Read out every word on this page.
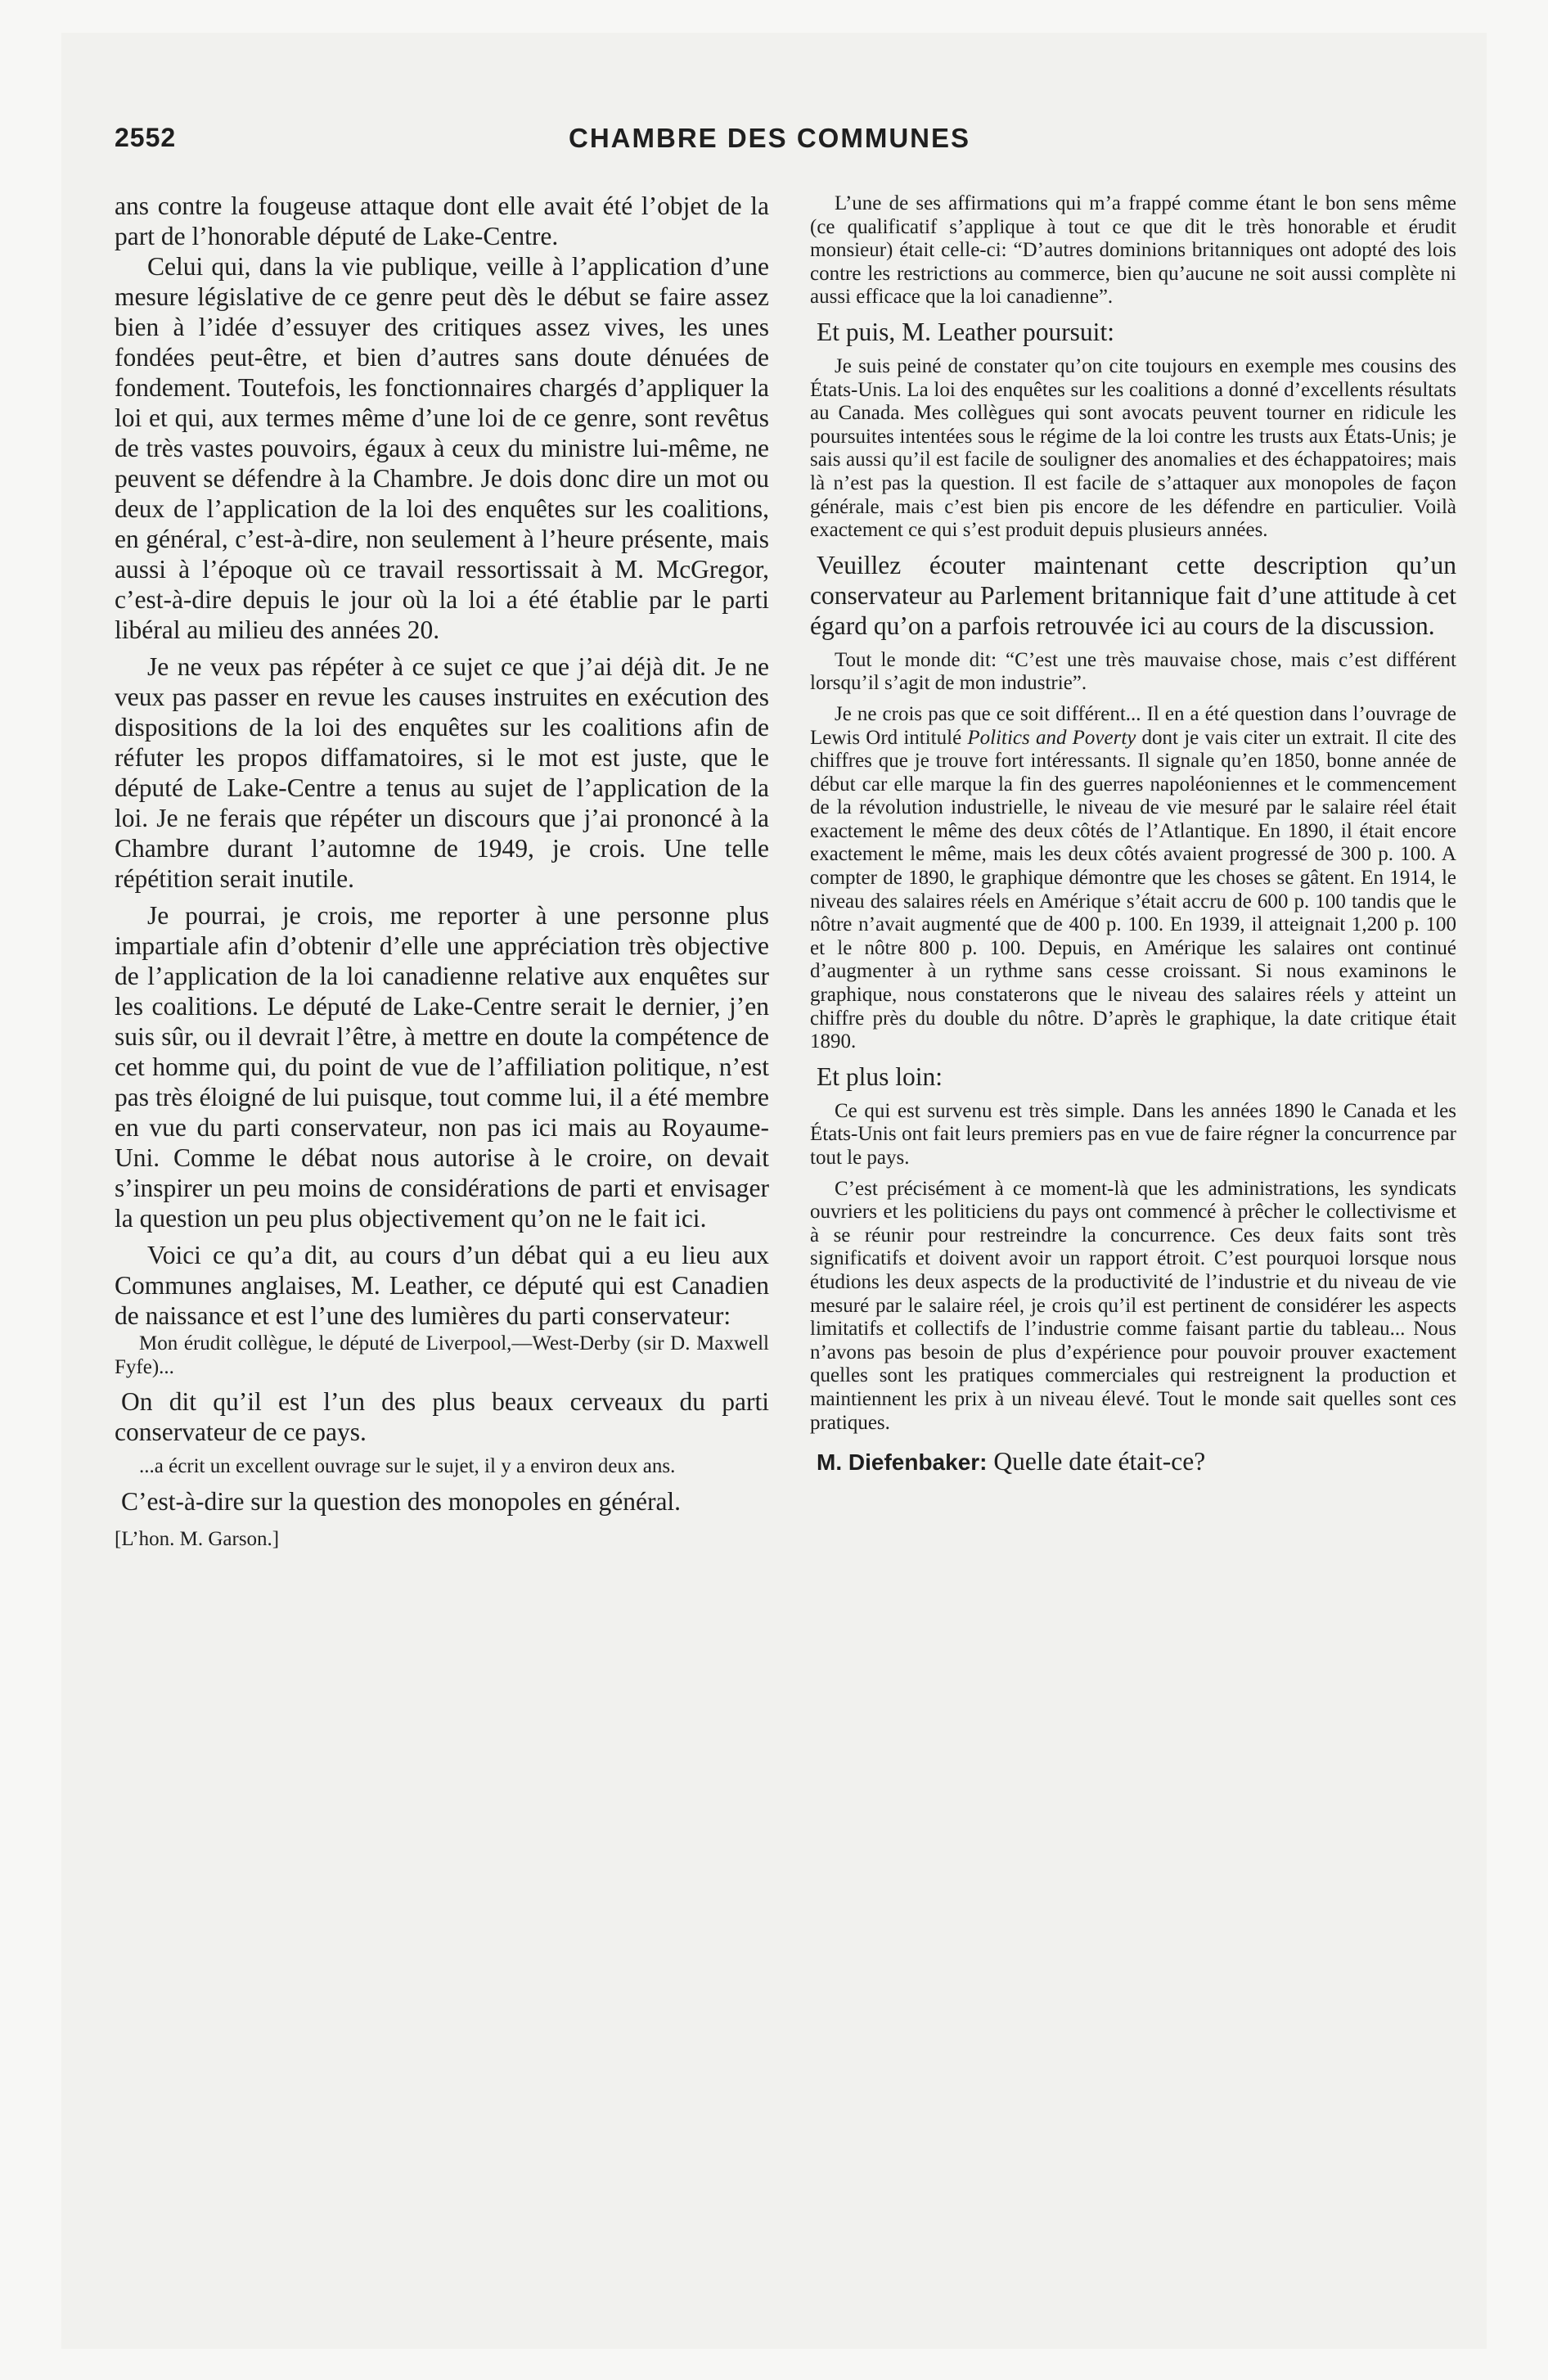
2552	CHAMBRE DES COMMUNES

ans contre la fougeuse attaque dont elle avait été l’objet de la part de l’honorable député de Lake-Centre.

Celui qui, dans la vie publique, veille à l’application d’une mesure législative de ce genre peut dès le début se faire assez bien à l’idée d’essuyer des critiques assez vives, les unes fondées peut-être, et bien d’autres sans doute dénuées de fondement. Toutefois, les fonctionnaires chargés d’appliquer la loi et qui, aux termes même d’une loi de ce genre, sont revêtus de très vastes pouvoirs, égaux à ceux du ministre lui-même, ne peuvent se défendre à la Chambre. Je dois donc dire un mot ou deux de l’application de la loi des enquêtes sur les coalitions, en général, c’est-à-dire, non seulement à l’heure présente, mais aussi à l’époque où ce travail ressortissait à M. McGregor, c’est-à-dire depuis le jour où la loi a été établie par le parti libéral au milieu des années 20.

Je ne veux pas répéter à ce sujet ce que j’ai déjà dit. Je ne veux pas passer en revue les causes instruites en exécution des dispositions de la loi des enquêtes sur les coalitions afin de réfuter les propos diffamatoires, si le mot est juste, que le député de Lake-Centre a tenus au sujet de l’application de la loi. Je ne ferais que répéter un discours que j’ai prononcé à la Chambre durant l’automne de 1949, je crois. Une telle répétition serait inutile.

Je pourrai, je crois, me reporter à une personne plus impartiale afin d’obtenir d’elle une appréciation très objective de l’application de la loi canadienne relative aux enquêtes sur les coalitions. Le député de Lake-Centre serait le dernier, j’en suis sûr, ou il devrait l’être, à mettre en doute la compétence de cet homme qui, du point de vue de l’affiliation politique, n’est pas très éloigné de lui puisque, tout comme lui, il a été membre en vue du parti conservateur, non pas ici mais au Royaume-Uni. Comme le débat nous autorise à le croire, on devait s’inspirer un peu moins de considérations de parti et envisager la question un peu plus objectivement qu’on ne le fait ici.

Voici ce qu’a dit, au cours d’un débat qui a eu lieu aux Communes anglaises, M. Leather, ce député qui est Canadien de naissance et est l’une des lumières du parti conservateur:

Mon érudit collègue, le député de Liverpool,—West-Derby (sir D. Maxwell Fyfe)...

On dit qu’il est l’un des plus beaux cerveaux du parti conservateur de ce pays.

...a écrit un excellent ouvrage sur le sujet, il y a environ deux ans.

C’est-à-dire sur la question des monopoles en général.

[L’hon. M. Garson.]

L’une de ses affirmations qui m’a frappé comme étant le bon sens même (ce qualificatif s’applique à tout ce que dit le très honorable et érudit monsieur) était celle-ci: “D’autres dominions britanniques ont adopté des lois contre les restrictions au commerce, bien qu’aucune ne soit aussi complète ni aussi efficace que la loi canadienne”.

Et puis, M. Leather poursuit:

Je suis peiné de constater qu’on cite toujours en exemple mes cousins des États-Unis. La loi des enquêtes sur les coalitions a donné d’excellents résultats au Canada. Mes collègues qui sont avocats peuvent tourner en ridicule les poursuites intentées sous le régime de la loi contre les trusts aux États-Unis; je sais aussi qu’il est facile de souligner des anomalies et des échappatoires; mais là n’est pas la question. Il est facile de s’attaquer aux monopoles de façon générale, mais c’est bien pis encore de les défendre en particulier. Voilà exactement ce qui s’est produit depuis plusieurs années.

Veuillez écouter maintenant cette description qu’un conservateur au Parlement britannique fait d’une attitude à cet égard qu’on a parfois retrouvée ici au cours de la discussion.

Tout le monde dit: “C’est une très mauvaise chose, mais c’est différent lorsqu’il s’agit de mon industrie”.

Je ne crois pas que ce soit différent... Il en a été question dans l’ouvrage de Lewis Ord intitulé Politics and Poverty dont je vais citer un extrait. Il cite des chiffres que je trouve fort intéressants. Il signale qu’en 1850, bonne année de début car elle marque la fin des guerres napoléoniennes et le commencement de la révolution industrielle, le niveau de vie mesuré par le salaire réel était exactement le même des deux côtés de l’Atlantique. En 1890, il était encore exactement le même, mais les deux côtés avaient progressé de 300 p. 100. A compter de 1890, le graphique démontre que les choses se gâtent. En 1914, le niveau des salaires réels en Amérique s’était accru de 600 p. 100 tandis que le nôtre n’avait augmenté que de 400 p. 100. En 1939, il atteignait 1,200 p. 100 et le nôtre 800 p. 100. Depuis, en Amérique les salaires ont continué d’augmenter à un rythme sans cesse croissant. Si nous examinons le graphique, nous constaterons que le niveau des salaires réels y atteint un chiffre près du double du nôtre. D’après le graphique, la date critique était 1890.

Et plus loin:

Ce qui est survenu est très simple. Dans les années 1890 le Canada et les États-Unis ont fait leurs premiers pas en vue de faire régner la concurrence par tout le pays.

C’est précisément à ce moment-là que les administrations, les syndicats ouvriers et les politiciens du pays ont commencé à prêcher le collectivisme et à se réunir pour restreindre la concurrence. Ces deux faits sont très significatifs et doivent avoir un rapport étroit. C’est pourquoi lorsque nous étudions les deux aspects de la productivité de l’industrie et du niveau de vie mesuré par le salaire réel, je crois qu’il est pertinent de considérer les aspects limitatifs et collectifs de l’industrie comme faisant partie du tableau... Nous n’avons pas besoin de plus d’expérience pour pouvoir prouver exactement quelles sont les pratiques commerciales qui restreignent la production et maintiennent les prix à un niveau élevé. Tout le monde sait quelles sont ces pratiques.

M. Diefenbaker: Quelle date était-ce?
